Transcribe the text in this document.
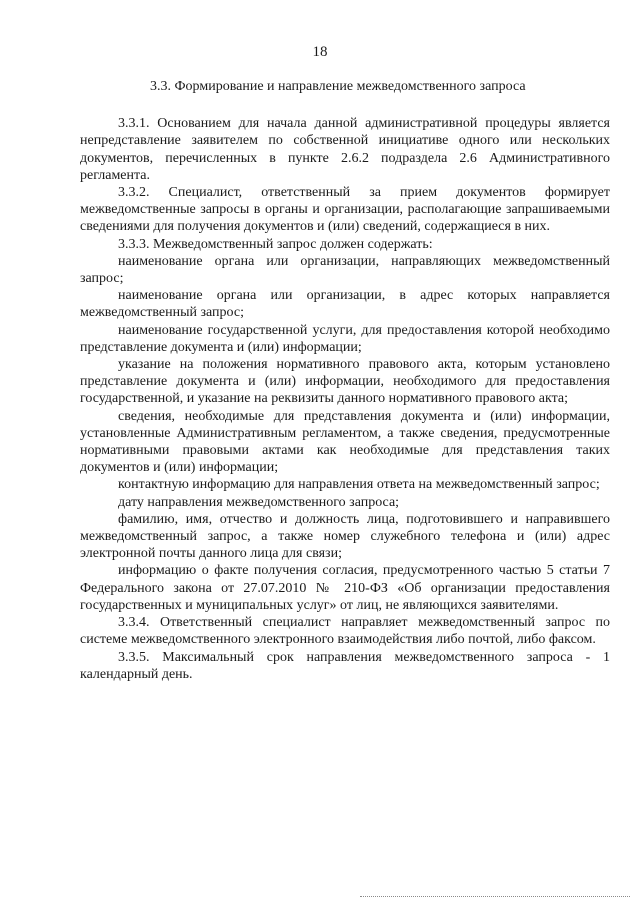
18
3.3. Формирование и направление межведомственного запроса

3.3.1. Основанием для начала данной административной процедуры является непредставление заявителем по собственной инициативе одного или нескольких документов, перечисленных в пункте 2.6.2 подраздела 2.6 Административного регламента.

3.3.2. Специалист, ответственный за прием документов формирует межведомственные запросы в органы и организации, располагающие запрашиваемыми сведениями для получения документов и (или) сведений, содержащиеся в них.

3.3.3. Межведомственный запрос должен содержать:

наименование органа или организации, направляющих межведомственный запрос;

наименование органа или организации, в адрес которых направляется межведомственный запрос;

наименование государственной услуги, для предоставления которой необходимо представление документа и (или) информации;

указание на положения нормативного правового акта, которым установлено представление документа и (или) информации, необходимого для предоставления государственной, и указание на реквизиты данного нормативного правового акта;

сведения, необходимые для представления документа и (или) информации, установленные Административным регламентом, а также сведения, предусмотренные нормативными правовыми актами как необходимые для представления таких документов и (или) информации;

контактную информацию для направления ответа на межведомственный запрос;

дату направления межведомственного запроса;

фамилию, имя, отчество и должность лица, подготовившего и направившего межведомственный запрос, а также номер служебного телефона и (или) адрес электронной почты данного лица для связи;

информацию о факте получения согласия, предусмотренного частью 5 статьи 7 Федерального закона от 27.07.2010 № 210-ФЗ «Об организации предоставления государственных и муниципальных услуг» от лиц, не являющихся заявителями.

3.3.4. Ответственный специалист направляет межведомственный запрос по системе межведомственного электронного взаимодействия либо почтой, либо факсом.

3.3.5. Максимальный срок направления межведомственного запроса - 1 календарный день.
